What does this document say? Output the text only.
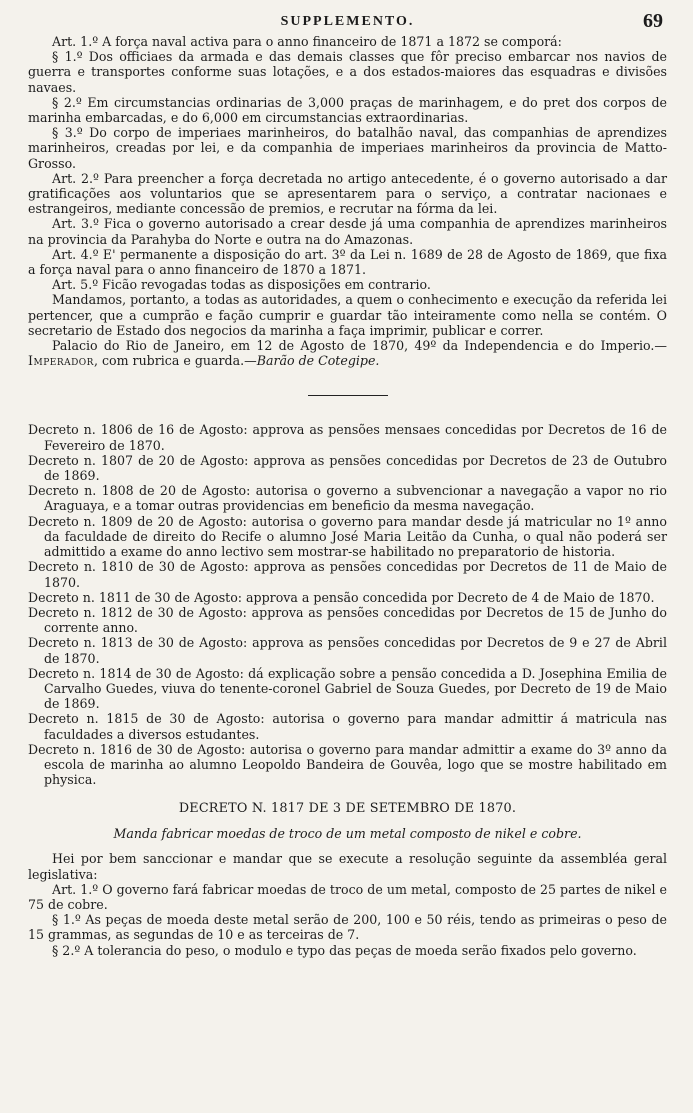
SUPPLEMENTO.	69

Art. 1.º A força naval activa para o anno financeiro de 1871 a 1872 se comporá:

§ 1.º Dos officiaes da armada e das demais classes que fôr preciso embarcar nos navios de guerra e transportes conforme suas lotações, e a dos estados-maiores das esquadras e divisões navaes.

§ 2.º Em circumstancias ordinarias de 3,000 praças de marinhagem, e do pret dos corpos de marinha embarcadas, e do 6,000 em circumstancias extraordinarias.

§ 3.º Do corpo de imperiaes marinheiros, do batalhão naval, das companhias de aprendizes marinheiros, creadas por lei, e da companhia de imperiaes marinheiros da provincia de Matto-Grosso.

Art. 2.º Para preencher a força decretada no artigo antecedente, é o governo autorisado a dar gratificações aos voluntarios que se apresentarem para o serviço, a contratar nacionaes e estrangeiros, mediante concessão de premios, e recrutar na fórma da lei.

Art. 3.º Fica o governo autorisado a crear desde já uma companhia de aprendizes marinheiros na provincia da Parahyba do Norte e outra na do Amazonas.

Art. 4.º E' permanente a disposição do art. 3º da Lei n. 1689 de 28 de Agosto de 1869, que fixa a força naval para o anno financeiro de 1870 a 1871.

Art. 5.º Ficão revogadas todas as disposições em contrario.

Mandamos, portanto, a todas as autoridades, a quem o conhecimento e execução da referida lei pertencer, que a cumprão e fação cumprir e guardar tão inteiramente como nella se contém. O secretario de Estado dos negocios da marinha a faça imprimir, publicar e correr.

Palacio do Rio de Janeiro, em 12 de Agosto de 1870, 49º da Independencia e do Imperio.—Imperador, com rubrica e guarda.—Barão de Cotegipe.

Decreto n. 1806 de 16 de Agosto: approva as pensões mensaes concedidas por Decretos de 16 de Fevereiro de 1870.

Decreto n. 1807 de 20 de Agosto: approva as pensões concedidas por Decretos de 23 de Outubro de 1869.

Decreto n. 1808 de 20 de Agosto: autorisa o governo a subvencionar a navegação a vapor no rio Araguaya, e a tomar outras providencias em beneficio da mesma navegação.

Decreto n. 1809 de 20 de Agosto: autorisa o governo para mandar desde já matricular no 1º anno da faculdade de direito do Recife o alumno José Maria Leitão da Cunha, o qual não poderá ser admittido a exame do anno lectivo sem mostrar-se habilitado no preparatorio de historia.

Decreto n. 1810 de 30 de Agosto: approva as pensões concedidas por Decretos de 11 de Maio de 1870.

Decreto n. 1811 de 30 de Agosto: approva a pensão concedida por Decreto de 4 de Maio de 1870.

Decreto n. 1812 de 30 de Agosto: approva as pensões concedidas por Decretos de 15 de Junho do corrente anno.

Decreto n. 1813 de 30 de Agosto: approva as pensões concedidas por Decretos de 9 e 27 de Abril de 1870.

Decreto n. 1814 de 30 de Agosto: dá explicação sobre a pensão concedida a D. Josephina Emilia de Carvalho Guedes, viuva do tenente-coronel Gabriel de Souza Guedes, por Decreto de 19 de Maio de 1869.

Decreto n. 1815 de 30 de Agosto: autorisa o governo para mandar admittir á matricula nas faculdades a diversos estudantes.

Decreto n. 1816 de 30 de Agosto: autorisa o governo para mandar admittir a exame do 3º anno da escola de marinha ao alumno Leopoldo Bandeira de Gouvêa, logo que se mostre habilitado em physica.

DECRETO N. 1817 DE 3 DE SETEMBRO DE 1870.
Manda fabricar moedas de troco de um metal composto de nikel e cobre.

Hei por bem sanccionar e mandar que se execute a resolução seguinte da assembléa geral legislativa:

Art. 1.º O governo fará fabricar moedas de troco de um metal, composto de 25 partes de nikel e 75 de cobre.

§ 1.º As peças de moeda deste metal serão de 200, 100 e 50 réis, tendo as primeiras o peso de 15 grammas, as segundas de 10 e as terceiras de 7.

§ 2.º A tolerancia do peso, o modulo e typo das peças de moeda serão fixados pelo governo.
